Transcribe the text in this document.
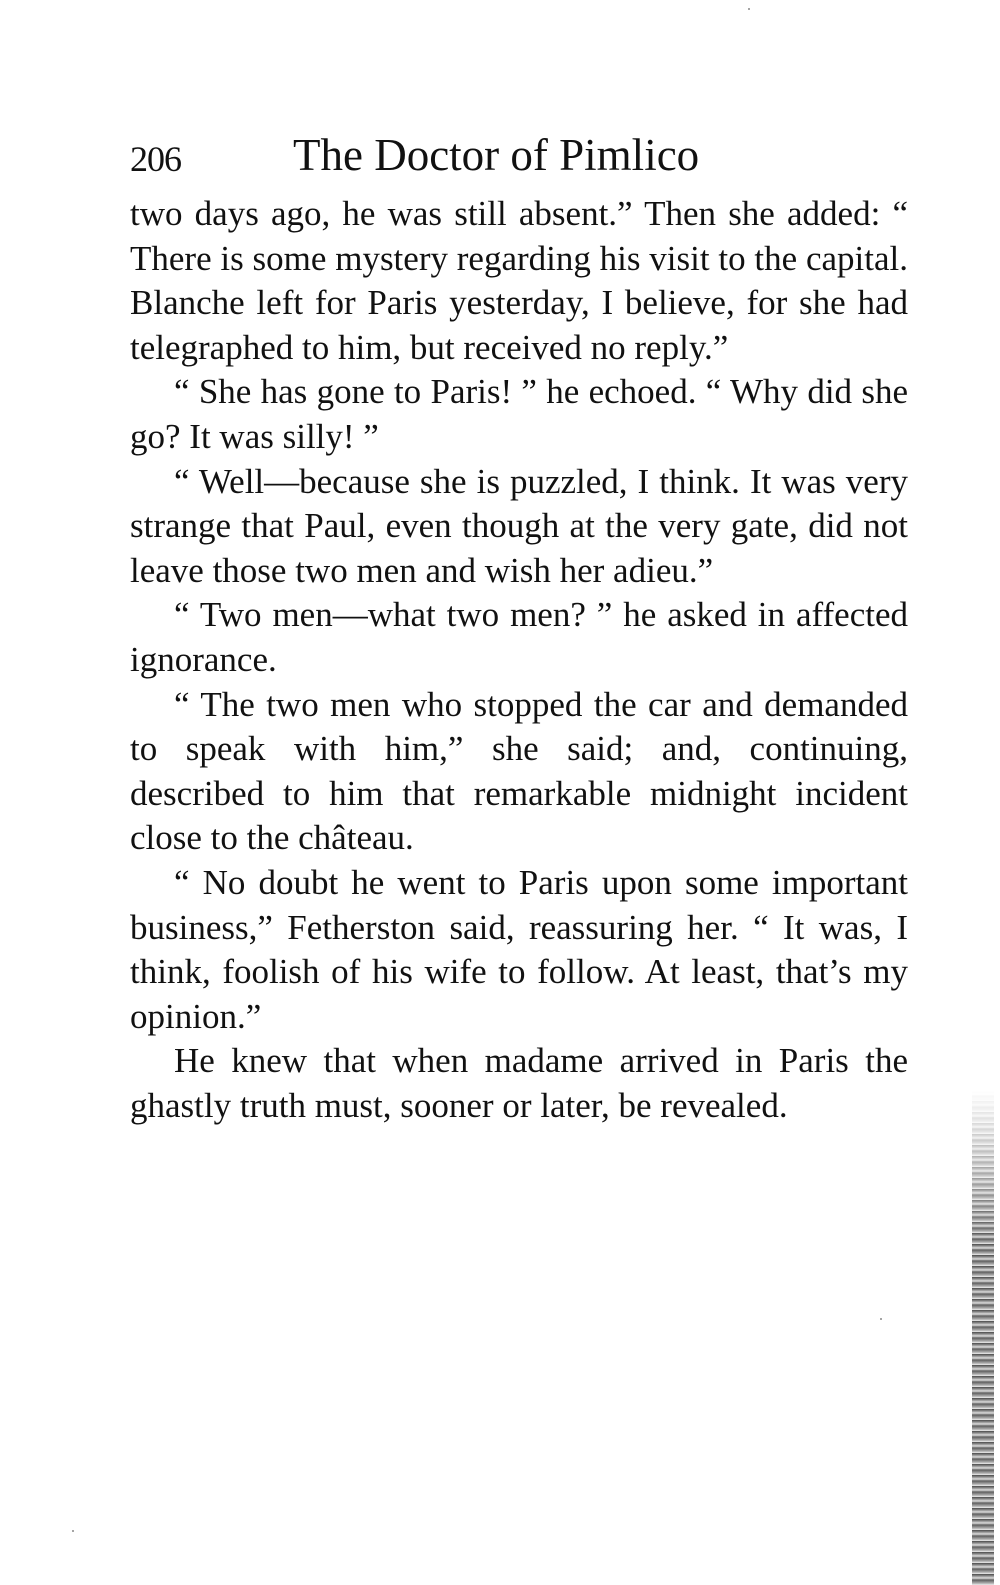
206 The Doctor of Pimlico

two days ago, he was still absent.” Then she added: “ There is some mystery regarding his visit to the capital. Blanche left for Paris yesterday, I believe, for she had telegraphed to him, but received no reply.”

“ She has gone to Paris! ” he echoed. “ Why did she go? It was silly! ”

“ Well—because she is puzzled, I think. It was very strange that Paul, even though at the very gate, did not leave those two men and wish her adieu.”

“ Two men—what two men? ” he asked in affected ignorance.

“ The two men who stopped the car and demanded to speak with him,” she said; and, continuing, described to him that remarkable midnight incident close to the château.

“ No doubt he went to Paris upon some important business,” Fetherston said, reassuring her. “ It was, I think, foolish of his wife to follow. At least, that’s my opinion.”

He knew that when madame arrived in Paris the ghastly truth must, sooner or later, be revealed.
